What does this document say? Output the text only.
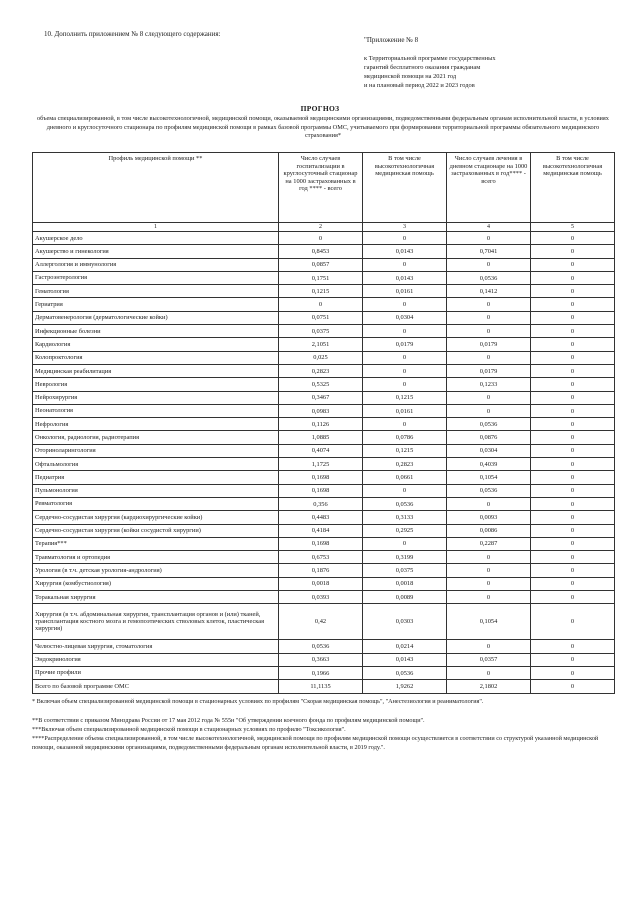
10. Дополнить приложением № 8 следующего содержания:
"Приложение № 8
к Территориальной программе государственных
гарантий бесплатного оказания гражданам
медицинской помощи на 2021 год
и на плановый период 2022 и 2023 годов
ПРОГНОЗ
объема специализированной, в том числе высокотехнологичной, медицинской помощи, оказываемой медицинскими организациями, подведомственными федеральным органам исполнительной власти, в условиях дневного и круглосуточного стационара по профилям медицинской помощи в рамках базовой программы ОМС, учитываемого при формировании территориальной программы обязательного медицинского страхования*
Профиль медицинской помощи **	Число случаев госпитализации в круглосуточный стационар на 1000 застрахованных в год **** - всего	В том числе высокотехнологичная медицинская помощь	Число случаев лечения в дневном стационаре на 1000 застрахованных в год**** - всего	В том числе высокотехнологичная медицинская помощь
1	2	3	4	5
Акушерское дело	0	0	0	0
Акушерство и гинекология	0,8453	0,0143	0,7041	0
Аллергология и иммунология	0,0857	0	0	0
Гастроэнтерология	0,1751	0,0143	0,0536	0
Гематология	0,1215	0,0161	0,1412	0
Гериатрия	0	0	0	0
Дерматовенерология (дерматологические койки)	0,0751	0,0304	0	0
Инфекционные болезни	0,0375	0	0	0
Кардиология	2,1051	0,0179	0,0179	0
Колопроктология	0,025	0	0	0
Медицинская реабилитация	0,2823	0	0,0179	0
Неврология	0,5325	0	0,1233	0
Нейрохирургия	0,3467	0,1215	0	0
Неонатология	0,0983	0,0161	0	0
Нефрология	0,1126	0	0,0536	0
Онкология, радиология, радиотерапия	1,0885	0,0786	0,0876	0
Оториноларингология	0,4074	0,1215	0,0304	0
Офтальмология	1,1725	0,2823	0,4039	0
Педиатрия	0,1698	0,0661	0,1054	0
Пульмонология	0,1698	0	0,0536	0
Ревматология	0,356	0,0536	0	0
Сердечно-сосудистая хирургия (кардиохирургические койки)	0,4483	0,3133	0,0093	0
Сердечно-сосудистая хирургия (койки сосудистой хирургии)	0,4184	0,2925	0,0086	0
Терапия***	0,1698	0	0,2287	0
Травматология и ортопедия	0,6753	0,3199	0	0
Урология (в т.ч. детская урология-андрология)	0,1876	0,0375	0	0
Хирургия (комбустиология)	0,0018	0,0018	0	0
Торакальная хирургия	0,0393	0,0089	0	0
Хирургия (в т.ч. абдоминальная хирургия, трансплантация органов и (или) тканей, трансплантация костного мозга и гемопоэтических стволовых клеток, пластическая хирургия)	0,42	0,0303	0,1054	0
Челюстно-лицевая хирургия, стоматология	0,0536	0,0214	0	0
Эндокринология	0,3663	0,0143	0,0357	0
Прочие профили	0,1966	0,0536	0	0
Всего по базовой программе ОМС	11,1135	1,9262	2,1802	0

* Включая объем специализированной медицинской помощи в стационарных условиях по профилям "Скорая медицинская помощь", "Анестезиология и реаниматология".

**В соответствии с приказом Минздрава России от 17 мая 2012 года № 555н "Об утверждении коечного фонда по профилям медицинской помощи".

***Включая объем специализированной медицинской помощи в стационарных условиях по профилю "Токсикология".

****Распределение объема специализированной, в том числе высокотехнологичной, медицинской помощи по профилям медицинской помощи осуществляется в соответствии со структурой указанной медицинской помощи, оказанной медицинскими организациями, подведомственными федеральным органам исполнительной власти, в 2019 году.".
